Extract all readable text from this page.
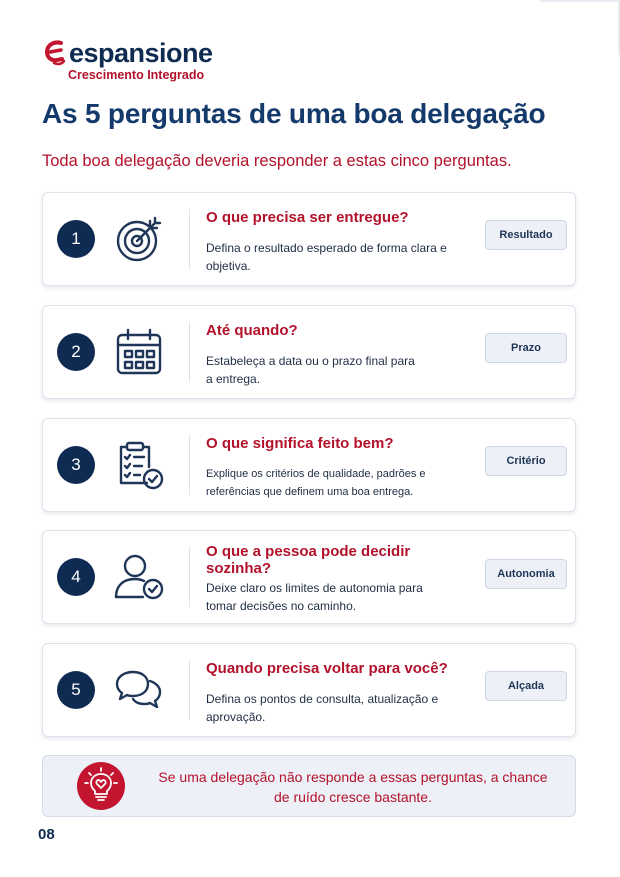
espansione
Crescimento Integrado
As 5 perguntas de uma boa delegação

Toda boa delegação deveria responder a estas cinco perguntas.

1
O que precisa ser entregue?
Defina o resultado esperado de forma clara e objetiva.
Resultado
2
Até quando?
Estabeleça a data ou o prazo final para a entrega.
Prazo
3
O que significa feito bem?
Explique os critérios de qualidade, padrões e referências que definem uma boa entrega.
Critério
4
O que a pessoa pode decidir sozinha?
Deixe claro os limites de autonomia para tomar decisões no caminho.
Autonomia
5
Quando precisa voltar para você?
Defina os pontos de consulta, atualização e aprovação.
Alçada
Se uma delegação não responde a essas perguntas, a chance de ruído cresce bastante.
08
